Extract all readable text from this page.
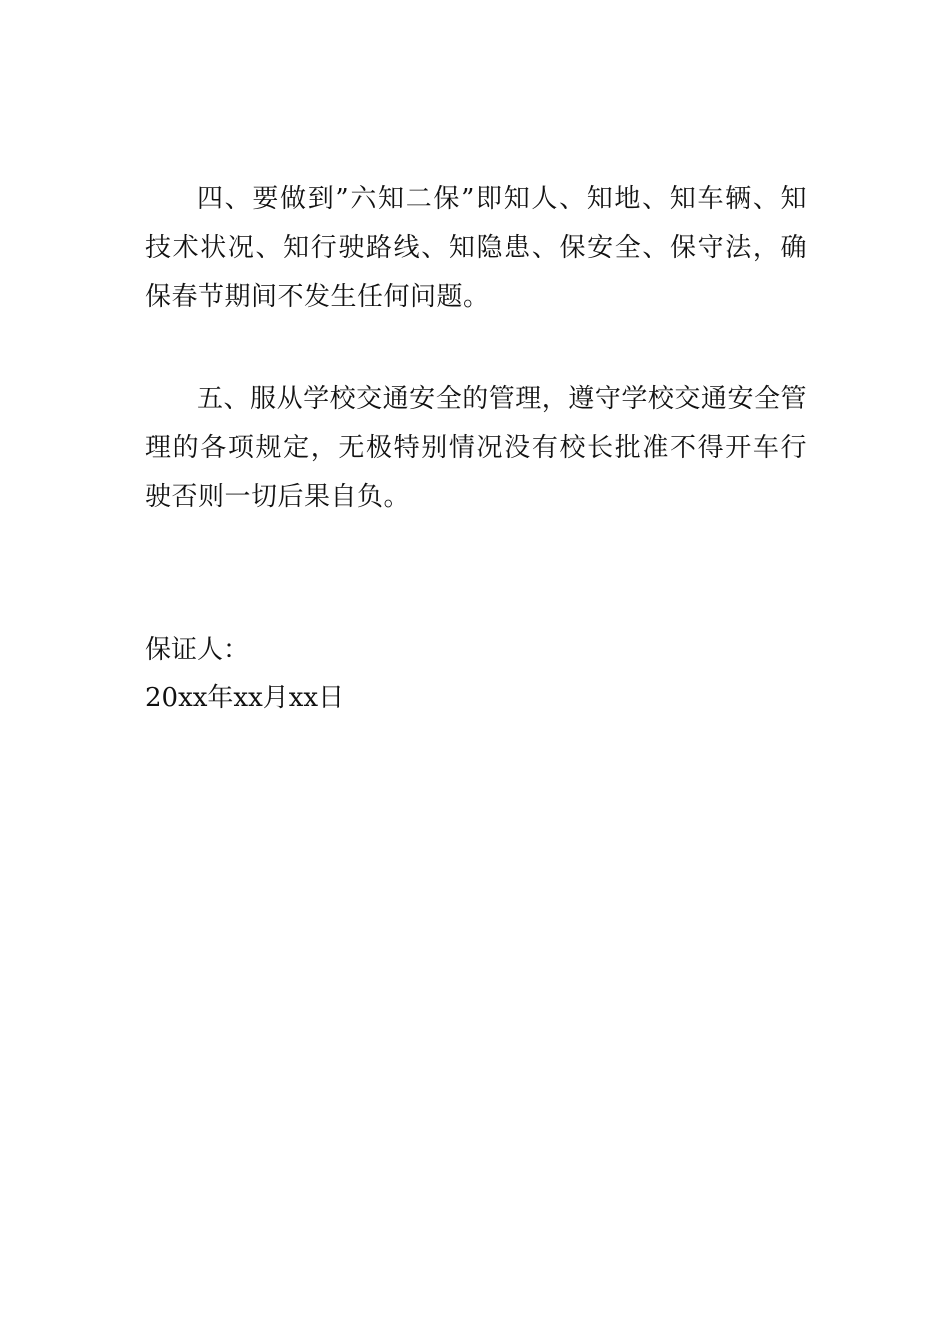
四、要做到”六知二保”即知人、知地、知车辆、知技术状况、知行驶路线、知隐患、保安全、保守法，确保春节期间不发生任何问题。

五、服从学校交通安全的管理，遵守学校交通安全管理的各项规定，无极特别情况没有校长批准不得开车行驶否则一切后果自负。

保证人：

20xx年xx月xx日
